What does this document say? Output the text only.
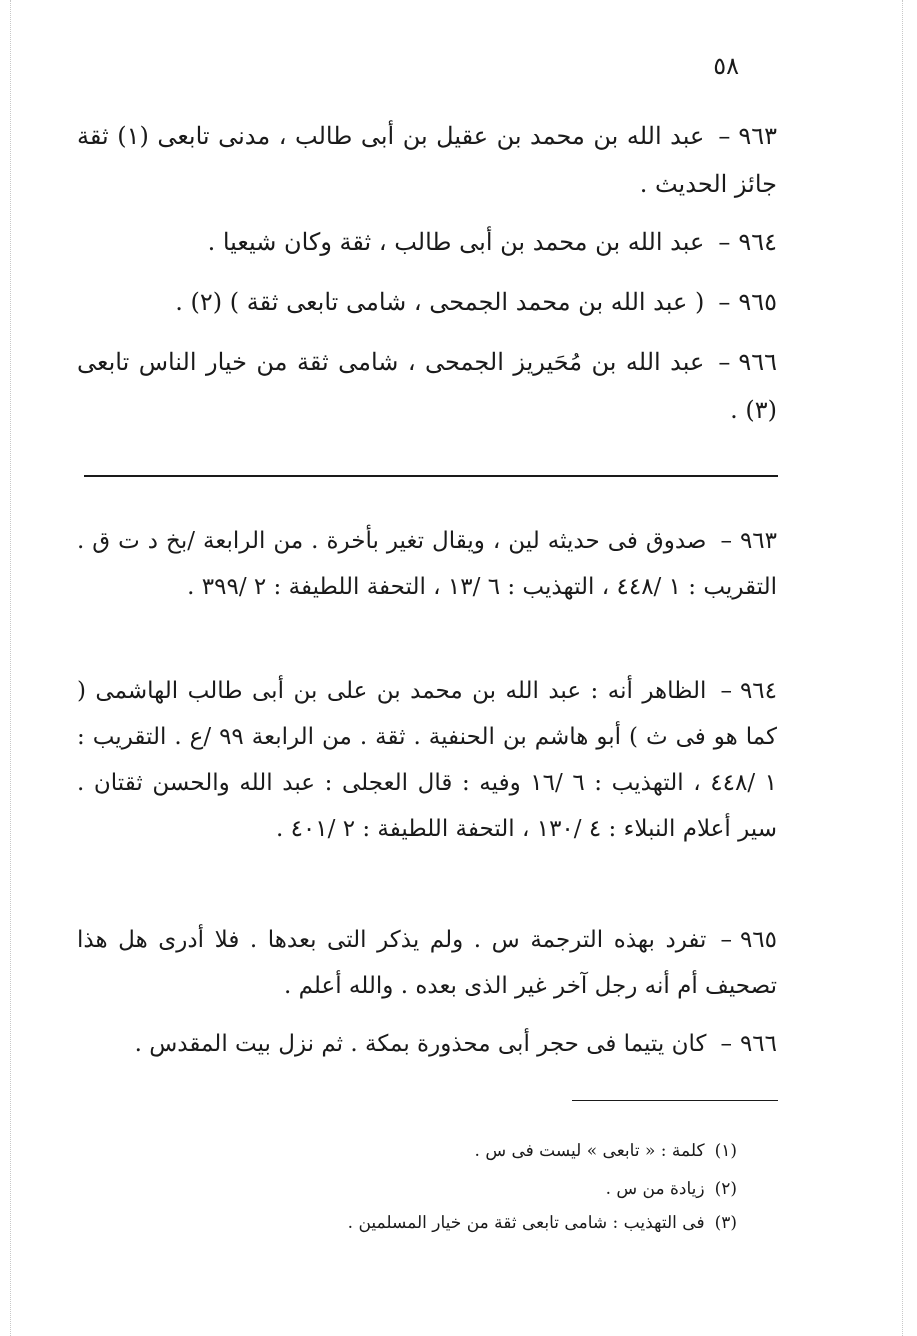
٥٨
٩٦٣–عبد الله بن محمد بن عقيل بن أبى طالب ، مدنى تابعى (١) ثقة جائز الحديث .
٩٦٤–عبد الله بن محمد بن أبى طالب ، ثقة وكان شيعيا .
٩٦٥–( عبد الله بن محمد الجمحى ، شامى تابعى ثقة ) (٢) .
٩٦٦–عبد الله بن مُحَيريز الجمحى ، شامى ثقة من خيار الناس تابعى (٣) .
٩٦٣–صدوق فى حديثه لين ، ويقال تغير بأخرة . من الرابعة /بخ د ت ق . التقريب : ١ /٤٤٨ ، التهذيب : ٦ /١٣ ، التحفة اللطيفة : ٢ /٣٩٩ .
٩٦٤–الظاهر أنه : عبد الله بن محمد بن على بن أبى طالب الهاشمى ( كما هو فى ث ) أبو هاشم بن الحنفية . ثقة . من الرابعة ٩٩ /ع . التقريب : ١ /٤٤٨ ، التهذيب : ٦ /١٦ وفيه : قال العجلى : عبد الله والحسن ثقتان . سير أعلام النبلاء : ٤ /١٣٠ ، التحفة اللطيفة : ٢ /٤٠١ .
٩٦٥–تفرد بهذه الترجمة س . ولم يذكر التى بعدها . فلا أدرى هل هذا تصحيف أم أنه رجل آخر غير الذى بعده . والله أعلم .
٩٦٦–كان يتيما فى حجر أبى محذورة بمكة . ثم نزل بيت المقدس .
(١)كلمة : « تابعى » ليست فى س .
(٢)زيادة من س .
(٣)فى التهذيب : شامى تابعى ثقة من خيار المسلمين .
